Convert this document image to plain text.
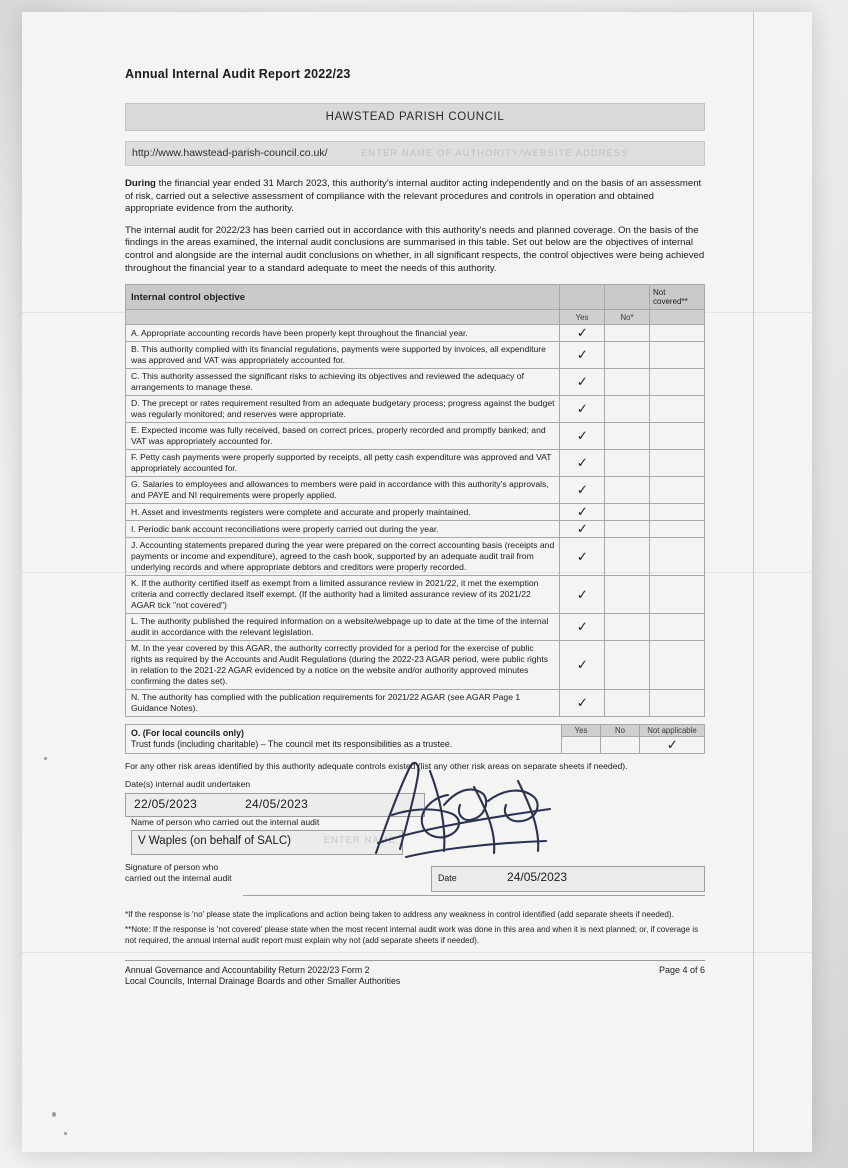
Annual Internal Audit Report 2022/23
HAWSTEAD PARISH COUNCIL
http://www.hawstead-parish-council.co.uk/	ENTER NAME OF AUTHORITY/WEBSITE ADDRESS
During the financial year ended 31 March 2023, this authority's internal auditor acting independently and on the basis of an assessment of risk, carried out a selective assessment of compliance with the relevant procedures and controls in operation and obtained appropriate evidence from the authority.
The internal audit for 2022/23 has been carried out in accordance with this authority's needs and planned coverage. On the basis of the findings in the areas examined, the internal audit conclusions are summarised in this table. Set out below are the objectives of internal control and alongside are the internal audit conclusions on whether, in all significant respects, the control objectives were being achieved throughout the financial year to a standard adequate to meet the needs of this authority.
Internal control objective			Not covered**
	Yes	No*	
A. Appropriate accounting records have been properly kept throughout the financial year.	✓		
B. This authority complied with its financial regulations, payments were supported by invoices, all expenditure was approved and VAT was appropriately accounted for.	✓		
C. This authority assessed the significant risks to achieving its objectives and reviewed the adequacy of arrangements to manage these.	✓		
D. The precept or rates requirement resulted from an adequate budgetary process; progress against the budget was regularly monitored; and reserves were appropriate.	✓		
E. Expected income was fully received, based on correct prices, properly recorded and promptly banked; and VAT was appropriately accounted for.	✓		
F. Petty cash payments were properly supported by receipts, all petty cash expenditure was approved and VAT appropriately accounted for.	✓		
G. Salaries to employees and allowances to members were paid in accordance with this authority's approvals, and PAYE and NI requirements were properly applied.	✓		
H. Asset and investments registers were complete and accurate and properly maintained.	✓		
I. Periodic bank account reconciliations were properly carried out during the year.	✓		
J. Accounting statements prepared during the year were prepared on the correct accounting basis (receipts and payments or income and expenditure), agreed to the cash book, supported by an adequate audit trail from underlying records and where appropriate debtors and creditors were properly recorded.	✓		
K. If the authority certified itself as exempt from a limited assurance review in 2021/22, it met the exemption criteria and correctly declared itself exempt. (If the authority had a limited assurance review of its 2021/22 AGAR tick "not covered")	✓		
L. The authority published the required information on a website/webpage up to date at the time of the internal audit in accordance with the relevant legislation.	✓		
M. In the year covered by this AGAR, the authority correctly provided for a period for the exercise of public rights as required by the Accounts and Audit Regulations (during the 2022-23 AGAR period, were public rights in relation to the 2021-22 AGAR evidenced by a notice on the website and/or authority approved minutes confirming the dates set).	✓		
N. The authority has complied with the publication requirements for 2021/22 AGAR (see AGAR Page 1 Guidance Notes).	✓		
O. (For local councils only)
Trust funds (including charitable) – The council met its responsibilities as a trustee.	Yes	No	Not applicable
			✓
For any other risk areas identified by this authority adequate controls existed (list any other risk areas on separate sheets if needed).
Date(s) internal audit undertaken
22/05/2023	24/05/2023

Name of person who carried out the internal audit
V Waples (on behalf of SALC)	ENTER NAME
Signature of person who
carried out the internal audit	Date	24/05/2023
*If the response is 'no' please state the implications and action being taken to address any weakness in control identified (add separate sheets if needed).
**Note: If the response is 'not covered' please state when the most recent internal audit work was done in this area and when it is next planned; or, if coverage is not required, the annual internal audit report must explain why not (add separate sheets if needed).
Annual Governance and Accountability Return 2022/23 Form 2
Local Councils, Internal Drainage Boards and other Smaller Authorities
Page 4 of 6
